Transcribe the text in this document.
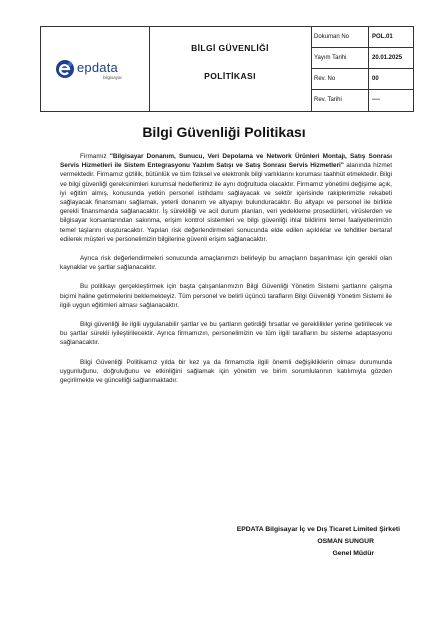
epdata
bilgisayar
BİLGİ GÜVENLİĞİ
POLİTİKASI
Dokuman No	POL.01
Yayım Tarihi	20.01.2025
Rev. No	00
Rev. Tarihi	----
Bilgi Güvenliği Politikası

Firmamız "Bilgisayar Donanım, Sunucu, Veri Depolama ve Network Ürünleri Montajı, Satış Sonrası Servis Hizmetleri ile Sistem Entegrasyonu Yazılım Satışı ve Satış Sonrası Servis Hizmetleri" alanında hizmet vermektedir. Firmamız gizlilik, bütünlük ve tüm fiziksel ve elektronik bilgi varlıklarını koruması taahhüt etmektedir. Bilgi ve bilgi güvenliği gereksinimleri kurumsal hedeflerimiz ile aynı doğrultuda olacaktır. Firmamız yönetimi değişime açık, iyi eğitim almış, konusunda yetkin personel istihdamı sağlayacak ve sektör içerisinde rakiplerimizle rekabeti sağlayacak finansmanı sağlamak, yeterli donanım ve altyapıyı bulunduracaktır. Bu altyapı ve personel ile birlikte gerekli finansmanda sağlanacaktır. İş sürekliliği ve acil durum planları, veri yedekleme prosedürleri, virüslerden ve bilgisayar korsanlarından sakınma, erişim kontrol sistemleri ve bilgi güvenliği ihlal bildirimi temel faaliyetlerimizin temel taşlarını oluşturacaktır. Yapılan risk değerlendirmeleri sonucunda elde edilen açıklıklar ve tehditler bertaraf edilerek müşteri ve personelimizin bilgilerine güvenli erişim sağlanacaktır.

Ayrıca risk değerlendirmeleri sonucunda amaçlanımızı belirleyip bu amaçların başarılması için gerekli olan kaynaklar ve şartlar sağlanacaktır.

Bu politikayı gerçekleştirmek için başta çalışanlarımızın Bilgi Güvenliği Yönetim Sistemi şartlarını çalışma biçimi haline getirmelerini beklemekteyiz. Tüm personel ve belirli üçüncü tarafların Bilgi Güvenliği Yönetim Sistemi ile ilgili uygun eğitimleri alması sağlanacaktır.

Bilgi güvenliği ile ilgili uygulanabilir şartlar ve bu şartların getirdiği fırsatlar ve gereklilikler yerine getirilecek ve bu şartlar sürekli iyileştirilecektir. Ayrıca firmamızın, personelimizin ve tüm ilgili tarafların bu sisteme adaptasyonu sağlanacaktır.

Bilgi Güvenliği Politikamız yılda bir kez ya da firmamızla ilgili önemli değişikliklerin olması durumunda uygunluğunu, doğruluğunu ve etkinliğini sağlamak için yönetim ve birim sorumlularının katılımıyla gözden geçirilmekte ve güncelliği sağlanmaktadır.

EPDATA Bilgisayar İç ve Dış Ticaret Limited Şirketi
OSMAN SUNGUR
Genel Müdür
